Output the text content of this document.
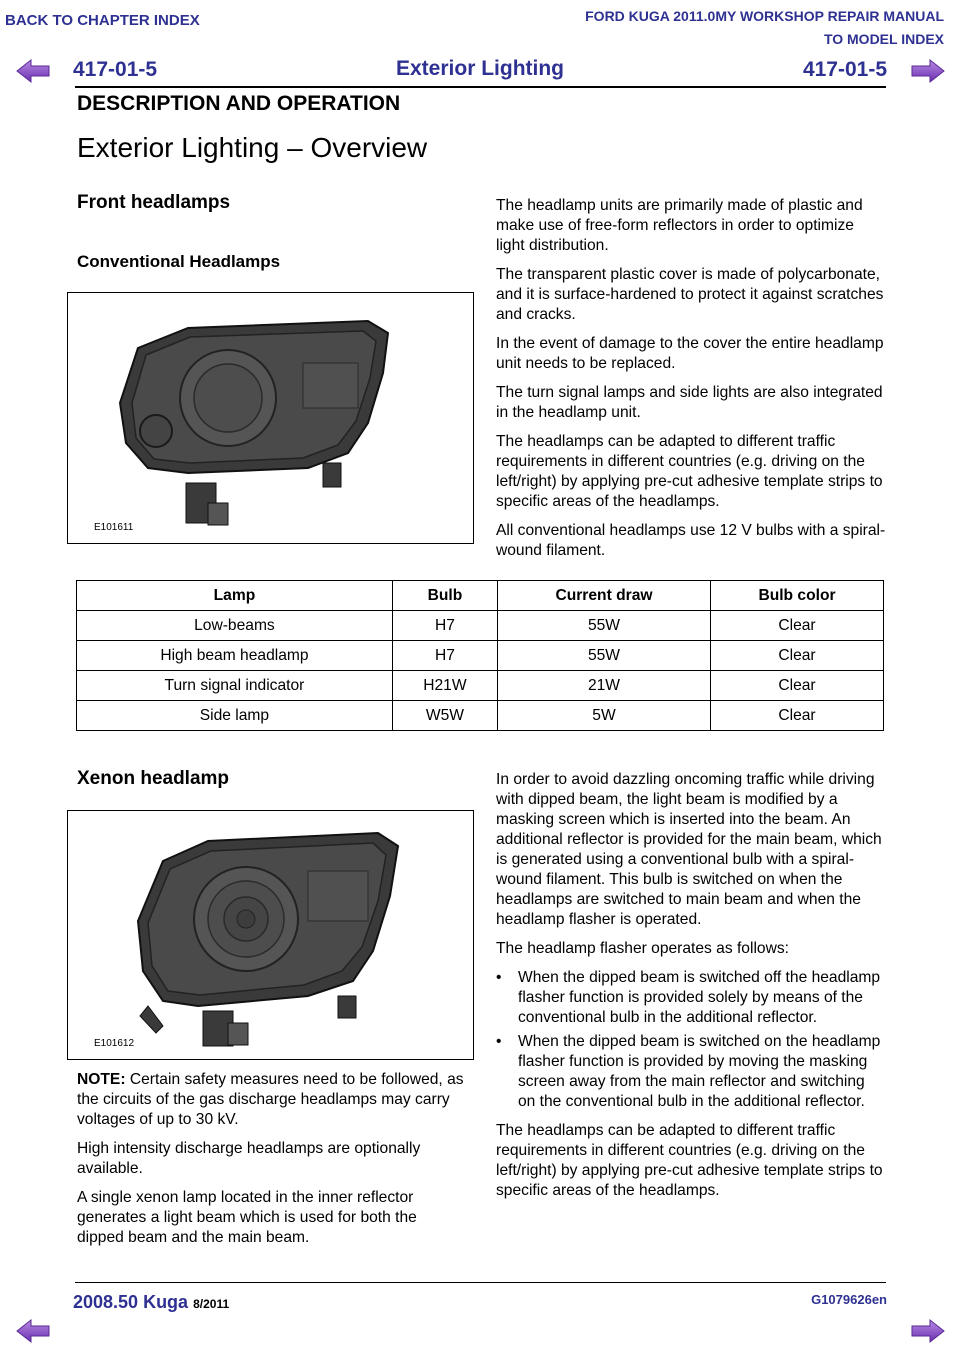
BACK TO CHAPTER INDEX	FORD KUGA 2011.0MY WORKSHOP REPAIR MANUAL
TO MODEL INDEX
417-01-5	Exterior Lighting	417-01-5
DESCRIPTION AND OPERATION
Exterior Lighting – Overview
Front headlamps
Conventional Headlamps
E101611

The headlamp units are primarily made of plastic and make use of free-form reflectors in order to optimize light distribution.

The transparent plastic cover is made of polycarbonate, and it is surface-hardened to protect it against scratches and cracks.

In the event of damage to the cover the entire headlamp unit needs to be replaced.

The turn signal lamps and side lights are also integrated in the headlamp unit.

The headlamps can be adapted to different traffic requirements in different countries (e.g. driving on the left/right) by applying pre-cut adhesive template strips to specific areas of the headlamps.

All conventional headlamps use 12 V bulbs with a spiral-wound filament.

Lamp	Bulb	Current draw	Bulb color
Low-beams	H7	55W	Clear
High beam headlamp	H7	55W	Clear
Turn signal indicator	H21W	21W	Clear
Side lamp	W5W	5W	Clear
Xenon headlamp
E101612

NOTE: Certain safety measures need to be followed, as the circuits of the gas discharge headlamps may carry voltages of up to 30 kV.

High intensity discharge headlamps are optionally available.

A single xenon lamp located in the inner reflector generates a light beam which is used for both the dipped beam and the main beam.

In order to avoid dazzling oncoming traffic while driving with dipped beam, the light beam is modified by a masking screen which is inserted into the beam. An additional reflector is provided for the main beam, which is generated using a conventional bulb with a spiral-wound filament. This bulb is switched on when the headlamps are switched to main beam and when the headlamp flasher is operated.

The headlamp flasher operates as follows:

• When the dipped beam is switched off the headlamp flasher function is provided solely by means of the conventional bulb in the additional reflector.
• When the dipped beam is switched on the headlamp flasher function is provided by moving the masking screen away from the main reflector and switching on the conventional bulb in the additional reflector.

The headlamps can be adapted to different traffic requirements in different countries (e.g. driving on the left/right) by applying pre-cut adhesive template strips to specific areas of the headlamps.

2008.50 Kuga 8/2011	G1079626en
